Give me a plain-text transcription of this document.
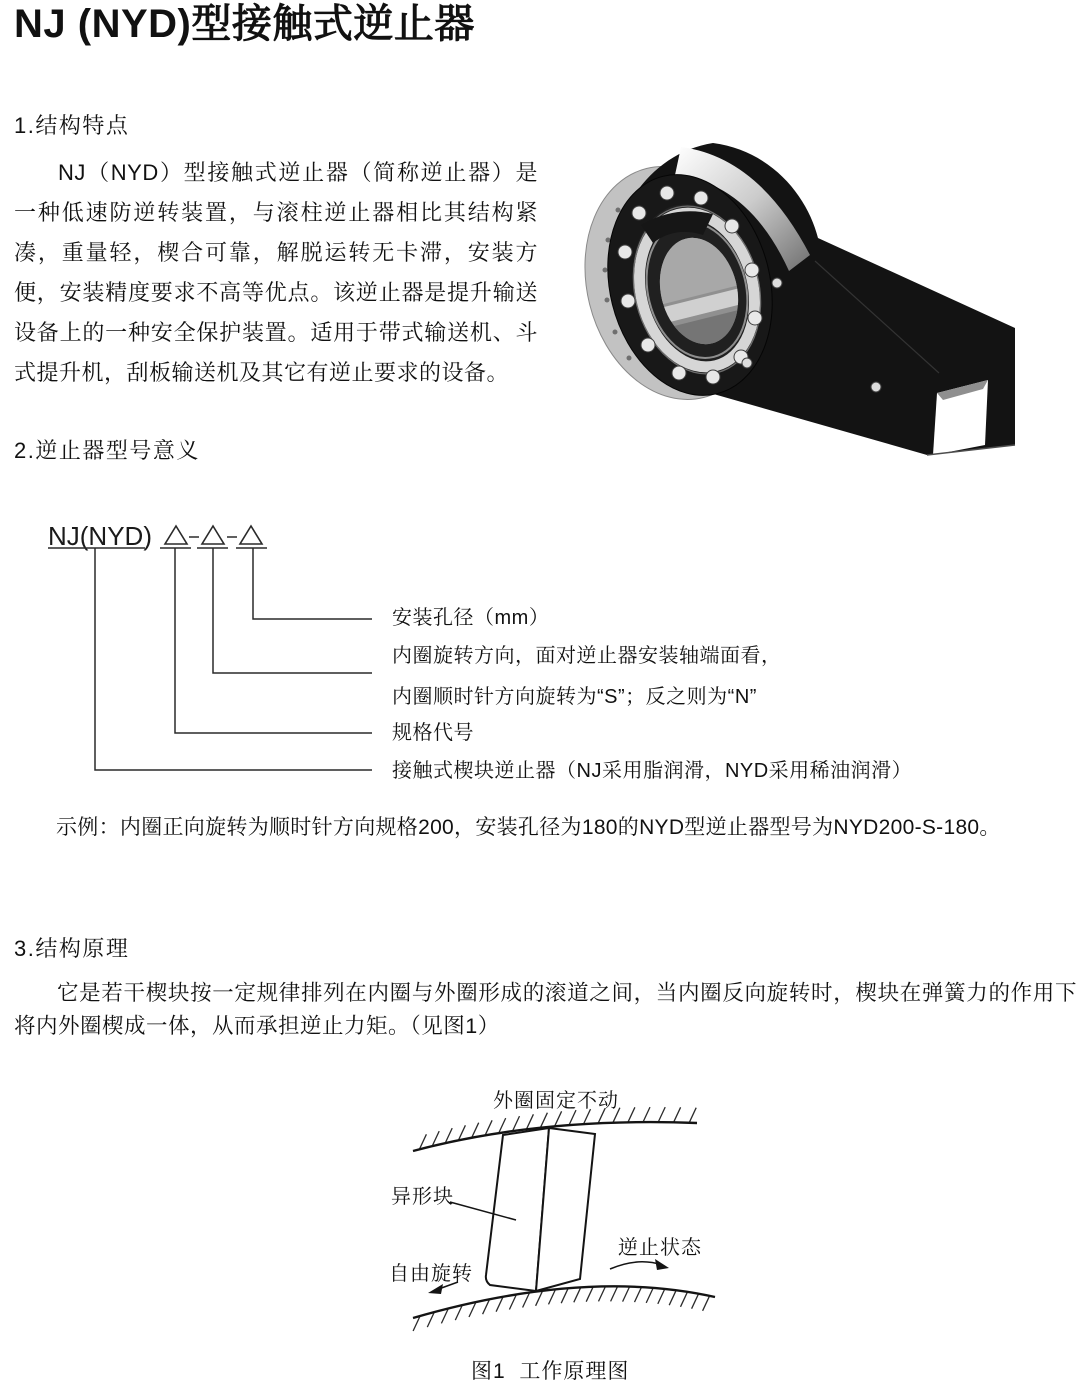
NJ (NYD)型接触式逆止器
1.结构特点

NJ（NYD）型接触式逆止器（简称逆止器）是一种低速防逆转装置，与滚柱逆止器相比其结构紧凑，重量轻，楔合可靠，解脱运转无卡滞，安装方便，安装精度要求不高等优点。该逆止器是提升输送设备上的一种安全保护装置。适用于带式输送机、斗式提升机，刮板输送机及其它有逆止要求的设备。

2.逆止器型号意义
NJ(NYD)
安装孔径（mm）
内圈旋转方向，面对逆止器安装轴端面看，
内圈顺时针方向旋转为“S”；反之则为“N”
规格代号
接触式楔块逆止器（NJ采用脂润滑，NYD采用稀油润滑）

示例：内圈正向旋转为顺时针方向规格200，安装孔径为180的NYD型逆止器型号为NYD200-S-180。

3.结构原理

它是若干楔块按一定规律排列在内圈与外圈形成的滚道之间，当内圈反向旋转时，楔块在弹簧力的作用下将内外圈楔成一体，从而承担逆止力矩。（见图1）

外圈固定不动
异形块
逆止状态
自由旋转
图1  工作原理图
